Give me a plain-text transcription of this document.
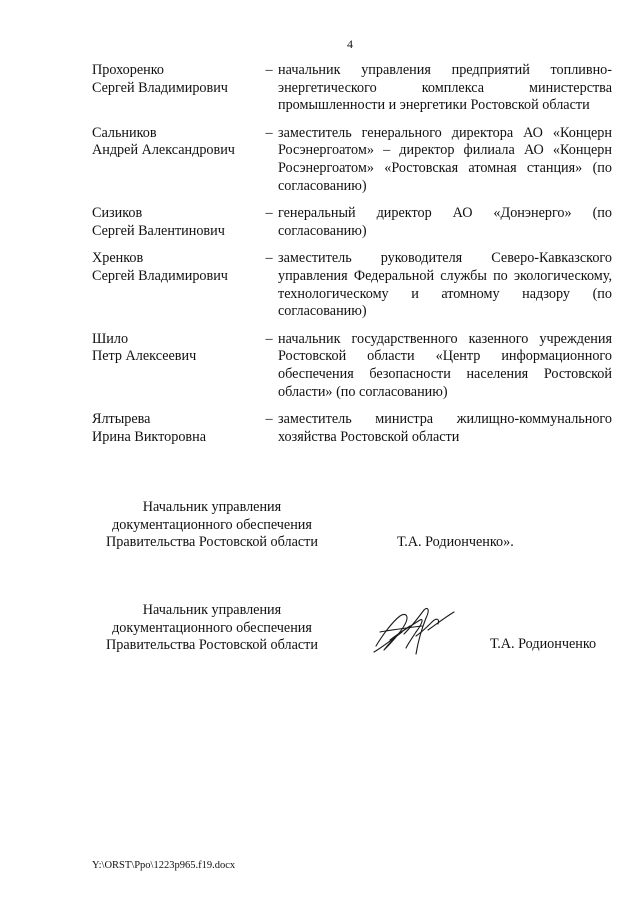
4
Прохоренко
Сергей Владимирович
– начальник управления предприятий топливно-энергетического комплекса министерства промышленности и энергетики Ростовской области
Сальников
Андрей Александрович
– заместитель генерального директора АО «Концерн Росэнергоатом» – директор филиала АО «Концерн Росэнергоатом» «Ростовская атомная станция» (по согласованию)
Сизиков
Сергей Валентинович
– генеральный директор АО «Донэнерго» (по согласованию)
Хренков
Сергей Владимирович
– заместитель руководителя Северо-Кавказского управления Федеральной службы по экологическому, технологическому и атомному надзору (по согласованию)
Шило
Петр Алексеевич
– начальник государственного казенного учреждения Ростовской области «Центр информационного обеспечения безопасности населения Ростовской области» (по согласованию)
Ялтырева
Ирина Викторовна
– заместитель министра жилищно-коммунального хозяйства Ростовской области
Начальник управления
документационного обеспечения
Правительства Ростовской области	Т.А. Родионченко».
Начальник управления
документационного обеспечения
Правительства Ростовской области	Т.А. Родионченко
Y:\ORST\Ppo\1223p965.f19.docx
